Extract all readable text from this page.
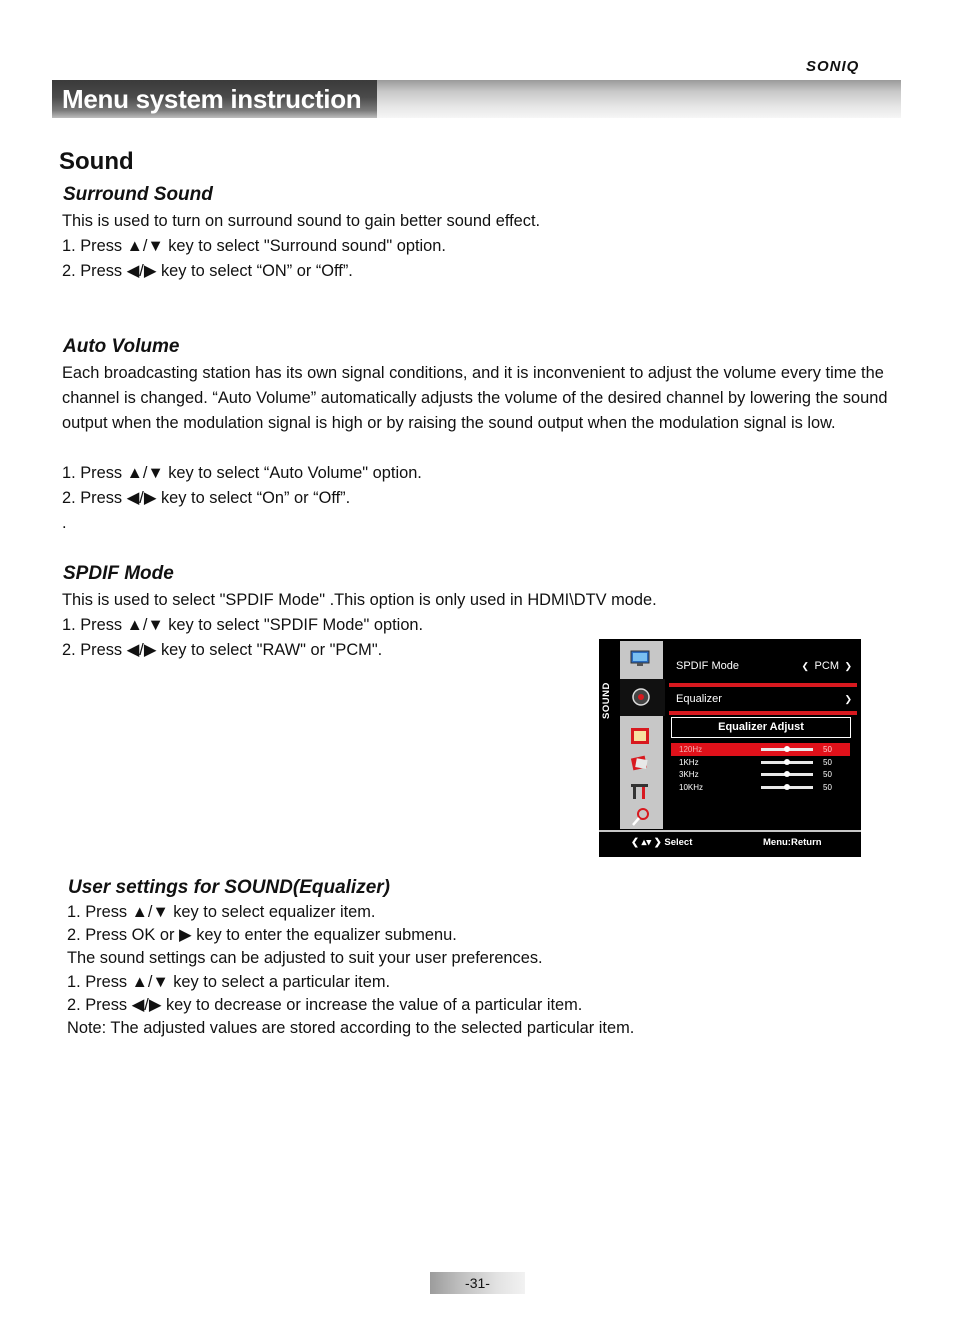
SONIQ
Menu system instruction
Sound
Surround Sound
This is used to turn on surround sound to gain better sound effect.
1. Press ▲/▼ key to select "Surround sound" option.
2. Press ◀/▶ key to select “ON” or “Off”.
Auto Volume
Each broadcasting station has its own signal conditions, and it is inconvenient to adjust the volume every time the channel is changed. “Auto Volume” automatically adjusts the volume of the desired channel by lowering the sound output when the modulation signal is high or by raising the sound output when the modulation signal is low.
1. Press ▲/▼ key to select “Auto Volume" option.
2. Press ◀/▶ key to select “On” or “Off”.
.
SPDIF Mode
This is used to select "SPDIF Mode" .This option is only used in HDMI\DTV mode.
1. Press ▲/▼ key to select "SPDIF Mode" option.
2. Press ◀/▶ key to select "RAW" or "PCM".
SOUND
SPDIF Mode	❮ PCM ❯
Equalizer	❯
Equalizer Adjust
120Hz	50
1KHz	50
3KHz	50
10KHz	50
❮ ▴▾ ❯ Select	Menu:Return
User settings for SOUND(Equalizer)
1. Press ▲/▼ key to select equalizer item.
2. Press OK or ▶ key to enter the equalizer submenu.
The sound settings can be adjusted to suit your user preferences.
1. Press ▲/▼ key to select a particular item.
2. Press ◀/▶ key to decrease or increase the value of a particular item.
Note: The adjusted values are stored according to the selected particular item.
-31-
